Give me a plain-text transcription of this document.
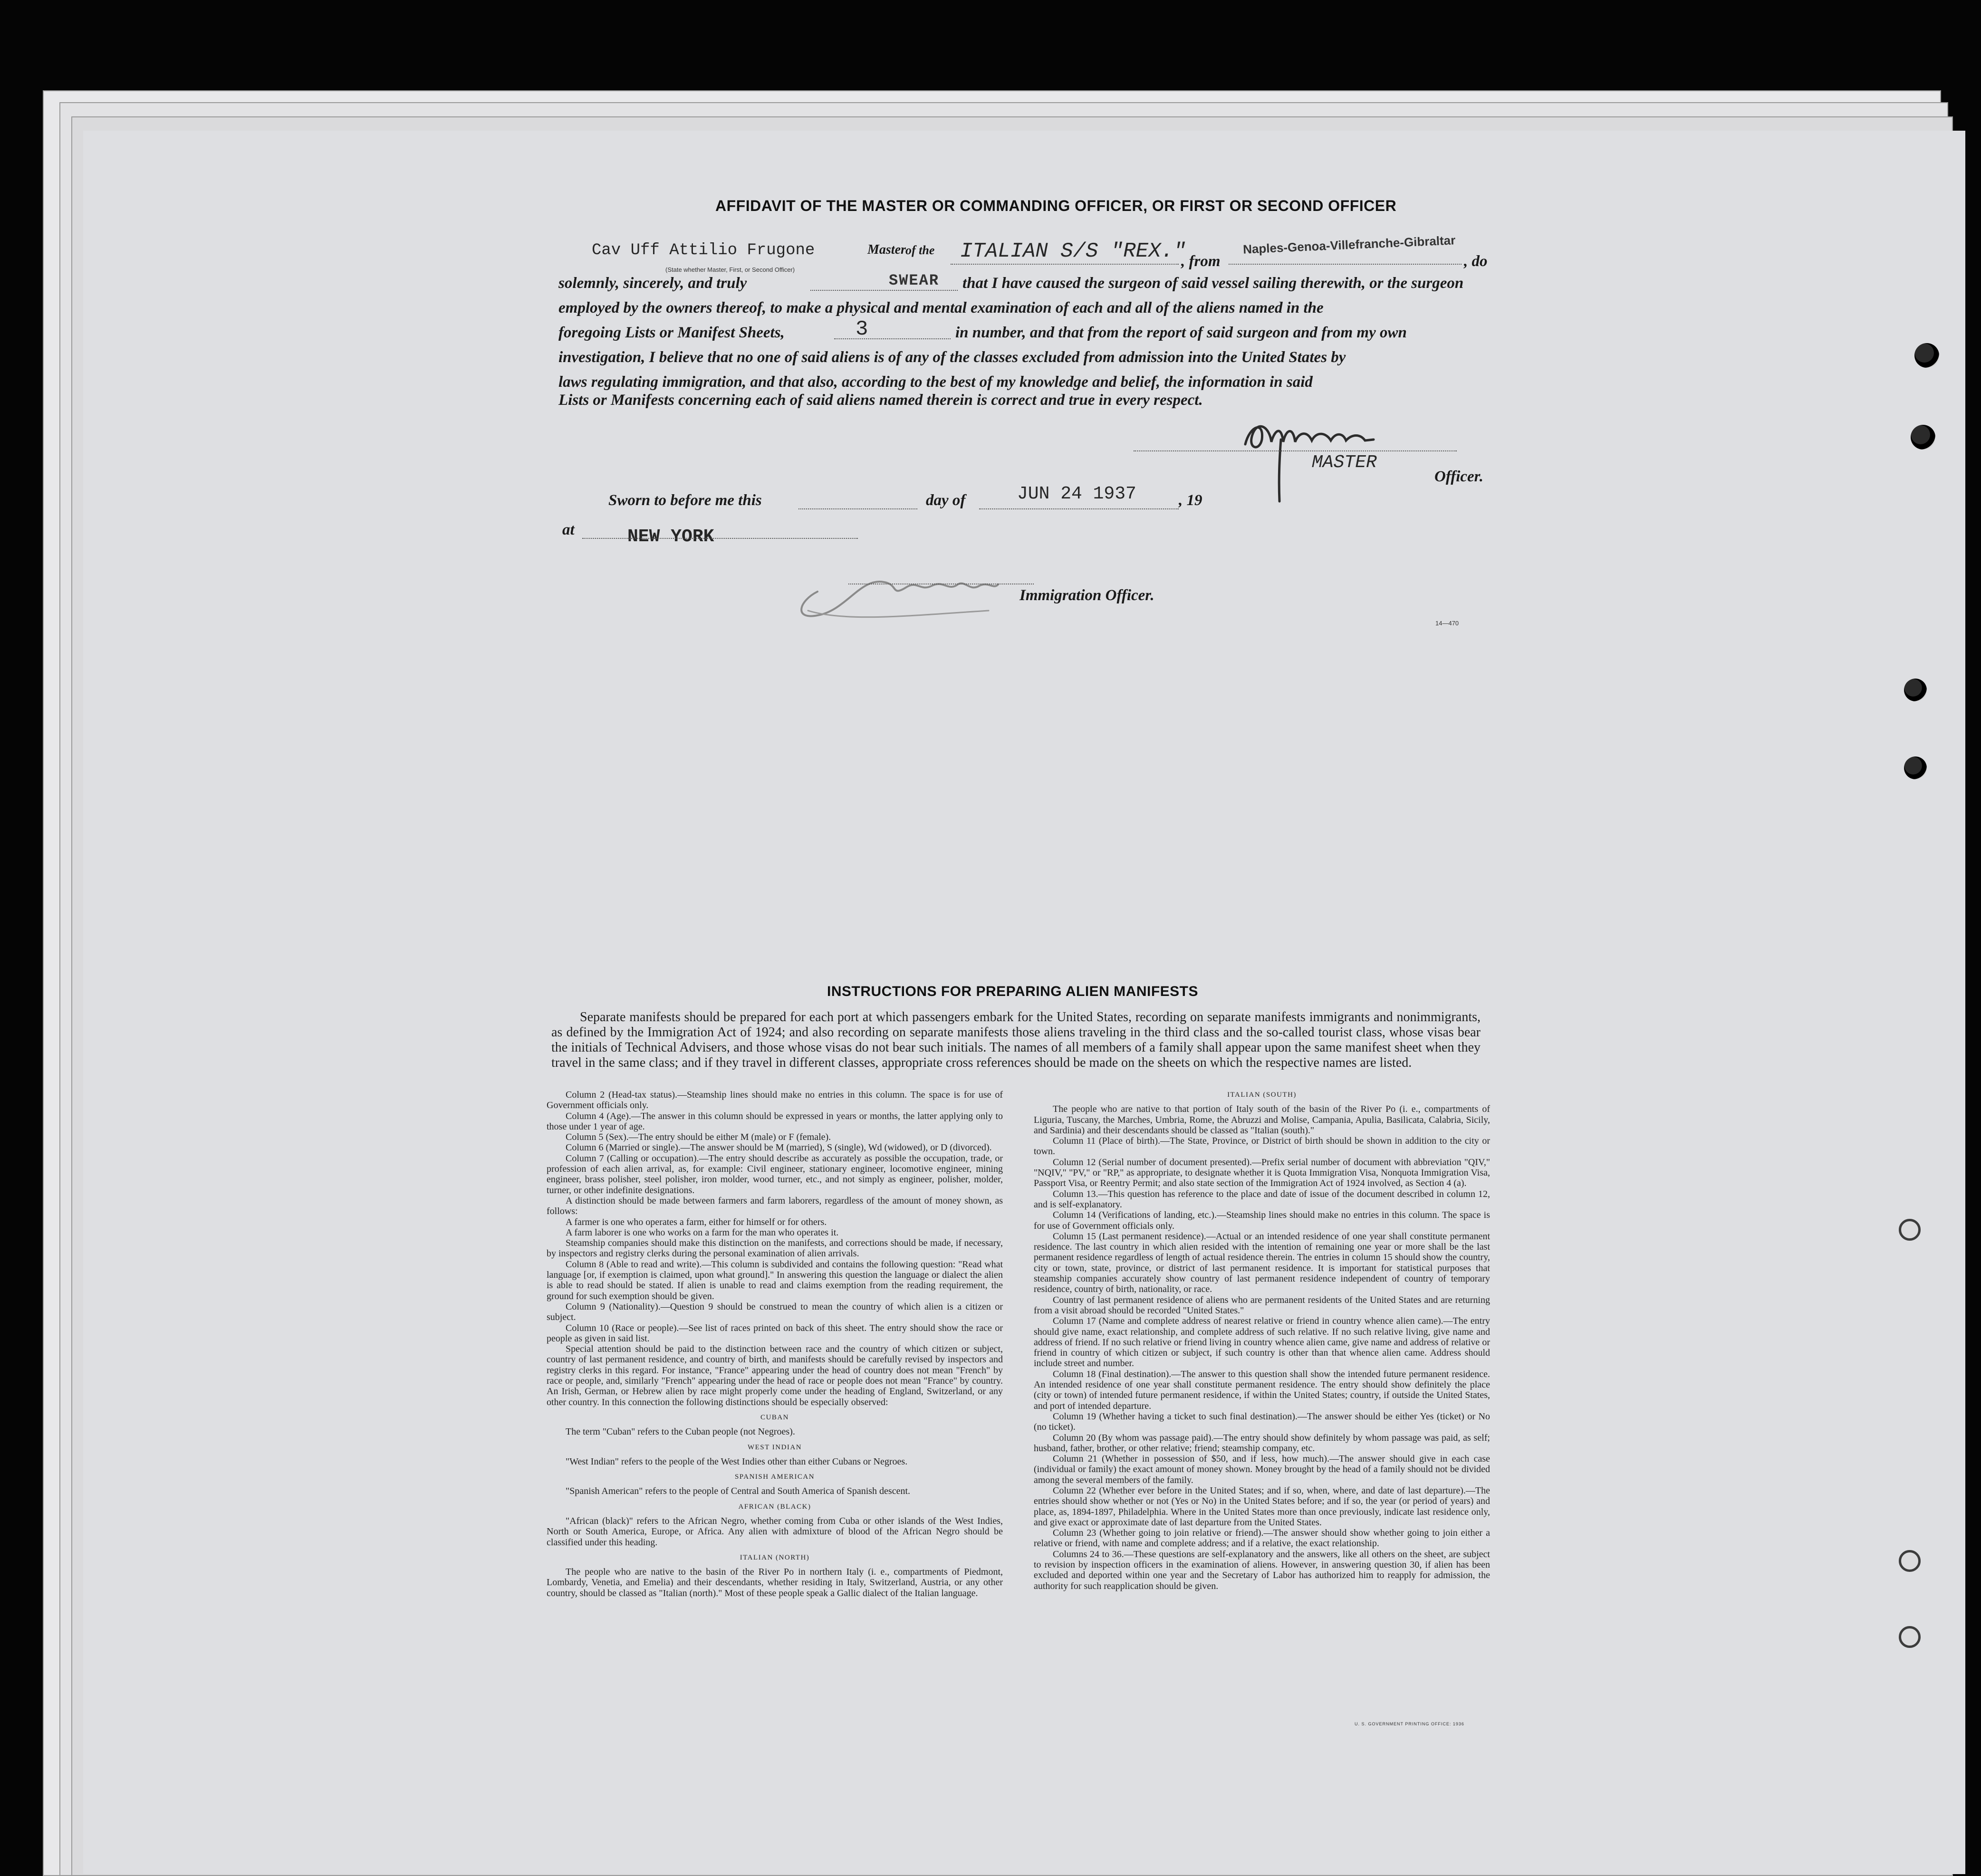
AFFIDAVIT OF THE MASTER OR COMMANDING OFFICER, OR FIRST OR SECOND OFFICER
Cav Uff Attilio Frugone	Master of the
(State whether Master, First, or Second Officer)
ITALIAN S/S "REX."
, from
Naples-Genoa-Villefranche-Gibraltar
, do
solemnly, sincerely, and truly	SWEAR that I have caused the surgeon of said vessel sailing therewith, or the surgeon
employed by the owners thereof, to make a physical and mental examination of each and all of the aliens named in the
foregoing Lists or Manifest Sheets,	3	in number, and that from the report of said surgeon and from my own
investigation, I believe that no one of said aliens is of any of the classes excluded from admission into the United States by
laws regulating immigration, and that also, according to the best of my knowledge and belief, the information in said
Lists or Manifests concerning each of said aliens named therein is correct and true in every respect.
MASTER
Officer.
Sworn to before me this	day of	JUN 24 1937	, 19
at	NEW YORK
Immigration Officer.
14—470
INSTRUCTIONS FOR PREPARING ALIEN MANIFESTS
Separate manifests should be prepared for each port at which passengers embark for the United States, recording on separate manifests immigrants and nonimmigrants, as defined by the Immigration Act of 1924; and also recording on separate manifests those aliens traveling in the third class and the so-called tourist class, whose visas bear the initials of Technical Advisers, and those whose visas do not bear such initials. The names of all members of a family shall appear upon the same manifest sheet when they travel in the same class; and if they travel in different classes, appropriate cross references should be made on the sheets on which the respective names are listed.

Column 2 (Head-tax status).—Steamship lines should make no entries in this column. The space is for use of Government officials only.

Column 4 (Age).—The answer in this column should be expressed in years or months, the latter applying only to those under 1 year of age.

Column 5 (Sex).—The entry should be either M (male) or F (female).

Column 6 (Married or single).—The answer should be M (married), S (single), Wd (widowed), or D (divorced).

Column 7 (Calling or occupation).—The entry should describe as accurately as possible the occupation, trade, or profession of each alien arrival, as, for example: Civil engineer, stationary engineer, locomotive engineer, mining engineer, brass polisher, steel polisher, iron molder, wood turner, etc., and not simply as engineer, polisher, molder, turner, or other indefinite designations.

A distinction should be made between farmers and farm laborers, regardless of the amount of money shown, as follows:

A farmer is one who operates a farm, either for himself or for others.

A farm laborer is one who works on a farm for the man who operates it.

Steamship companies should make this distinction on the manifests, and corrections should be made, if necessary, by inspectors and registry clerks during the personal examination of alien arrivals.

Column 8 (Able to read and write).—This column is subdivided and contains the following question: "Read what language [or, if exemption is claimed, upon what ground]." In answering this question the language or dialect the alien is able to read should be stated. If alien is unable to read and claims exemption from the reading requirement, the ground for such exemption should be given.

Column 9 (Nationality).—Question 9 should be construed to mean the country of which alien is a citizen or subject.

Column 10 (Race or people).—See list of races printed on back of this sheet. The entry should show the race or people as given in said list.

Special attention should be paid to the distinction between race and the country of which citizen or subject, country of last permanent residence, and country of birth, and manifests should be carefully revised by inspectors and registry clerks in this regard. For instance, "France" appearing under the head of country does not mean "French" by race or people, and, similarly "French" appearing under the head of race or people does not mean "France" by country. An Irish, German, or Hebrew alien by race might properly come under the heading of England, Switzerland, or any other country. In this connection the following distinctions should be especially observed:

CUBAN

The term "Cuban" refers to the Cuban people (not Negroes).

WEST INDIAN

"West Indian" refers to the people of the West Indies other than either Cubans or Negroes.

SPANISH AMERICAN

"Spanish American" refers to the people of Central and South America of Spanish descent.

AFRICAN (BLACK)

"African (black)" refers to the African Negro, whether coming from Cuba or other islands of the West Indies, North or South America, Europe, or Africa. Any alien with admixture of blood of the African Negro should be classified under this heading.

ITALIAN (NORTH)

The people who are native to the basin of the River Po in northern Italy (i. e., compartments of Piedmont, Lombardy, Venetia, and Emelia) and their descendants, whether residing in Italy, Switzerland, Austria, or any other country, should be classed as "Italian (north)." Most of these people speak a Gallic dialect of the Italian language.

ITALIAN (SOUTH)

The people who are native to that portion of Italy south of the basin of the River Po (i. e., compartments of Liguria, Tuscany, the Marches, Umbria, Rome, the Abruzzi and Molise, Campania, Apulia, Basilicata, Calabria, Sicily, and Sardinia) and their descendants should be classed as "Italian (south)."

Column 11 (Place of birth).—The State, Province, or District of birth should be shown in addition to the city or town.

Column 12 (Serial number of document presented).—Prefix serial number of document with abbreviation "QIV," "NQIV," "PV," or "RP," as appropriate, to designate whether it is Quota Immigration Visa, Nonquota Immigration Visa, Passport Visa, or Reentry Permit; and also state section of the Immigration Act of 1924 involved, as Section 4 (a).

Column 13.—This question has reference to the place and date of issue of the document described in column 12, and is self-explanatory.

Column 14 (Verifications of landing, etc.).—Steamship lines should make no entries in this column. The space is for use of Government officials only.

Column 15 (Last permanent residence).—Actual or an intended residence of one year shall constitute permanent residence. The last country in which alien resided with the intention of remaining one year or more shall be the last permanent residence regardless of length of actual residence therein. The entries in column 15 should show the country, city or town, state, province, or district of last permanent residence. It is important for statistical purposes that steamship companies accurately show country of last permanent residence independent of country of temporary residence, country of birth, nationality, or race.

Country of last permanent residence of aliens who are permanent residents of the United States and are returning from a visit abroad should be recorded "United States."

Column 17 (Name and complete address of nearest relative or friend in country whence alien came).—The entry should give name, exact relationship, and complete address of such relative. If no such relative living, give name and address of friend. If no such relative or friend living in country whence alien came, give name and address of relative or friend in country of which citizen or subject, if such country is other than that whence alien came. Address should include street and number.

Column 18 (Final destination).—The answer to this question shall show the intended future permanent residence. An intended residence of one year shall constitute permanent residence. The entry should show definitely the place (city or town) of intended future permanent residence, if within the United States; country, if outside the United States, and port of intended departure.

Column 19 (Whether having a ticket to such final destination).—The answer should be either Yes (ticket) or No (no ticket).

Column 20 (By whom was passage paid).—The entry should show definitely by whom passage was paid, as self; husband, father, brother, or other relative; friend; steamship company, etc.

Column 21 (Whether in possession of $50, and if less, how much).—The answer should give in each case (individual or family) the exact amount of money shown. Money brought by the head of a family should not be divided among the several members of the family.

Column 22 (Whether ever before in the United States; and if so, when, where, and date of last departure).—The entries should show whether or not (Yes or No) in the United States before; and if so, the year (or period of years) and place, as, 1894-1897, Philadelphia. Where in the United States more than once previously, indicate last residence only, and give exact or approximate date of last departure from the United States.

Column 23 (Whether going to join relative or friend).—The answer should show whether going to join either a relative or friend, with name and complete address; and if a relative, the exact relationship.

Columns 24 to 36.—These questions are self-explanatory and the answers, like all others on the sheet, are subject to revision by inspection officers in the examination of aliens. However, in answering question 30, if alien has been excluded and deported within one year and the Secretary of Labor has authorized him to reapply for admission, the authority for such reapplication should be given.

U. S. GOVERNMENT PRINTING OFFICE: 1936
